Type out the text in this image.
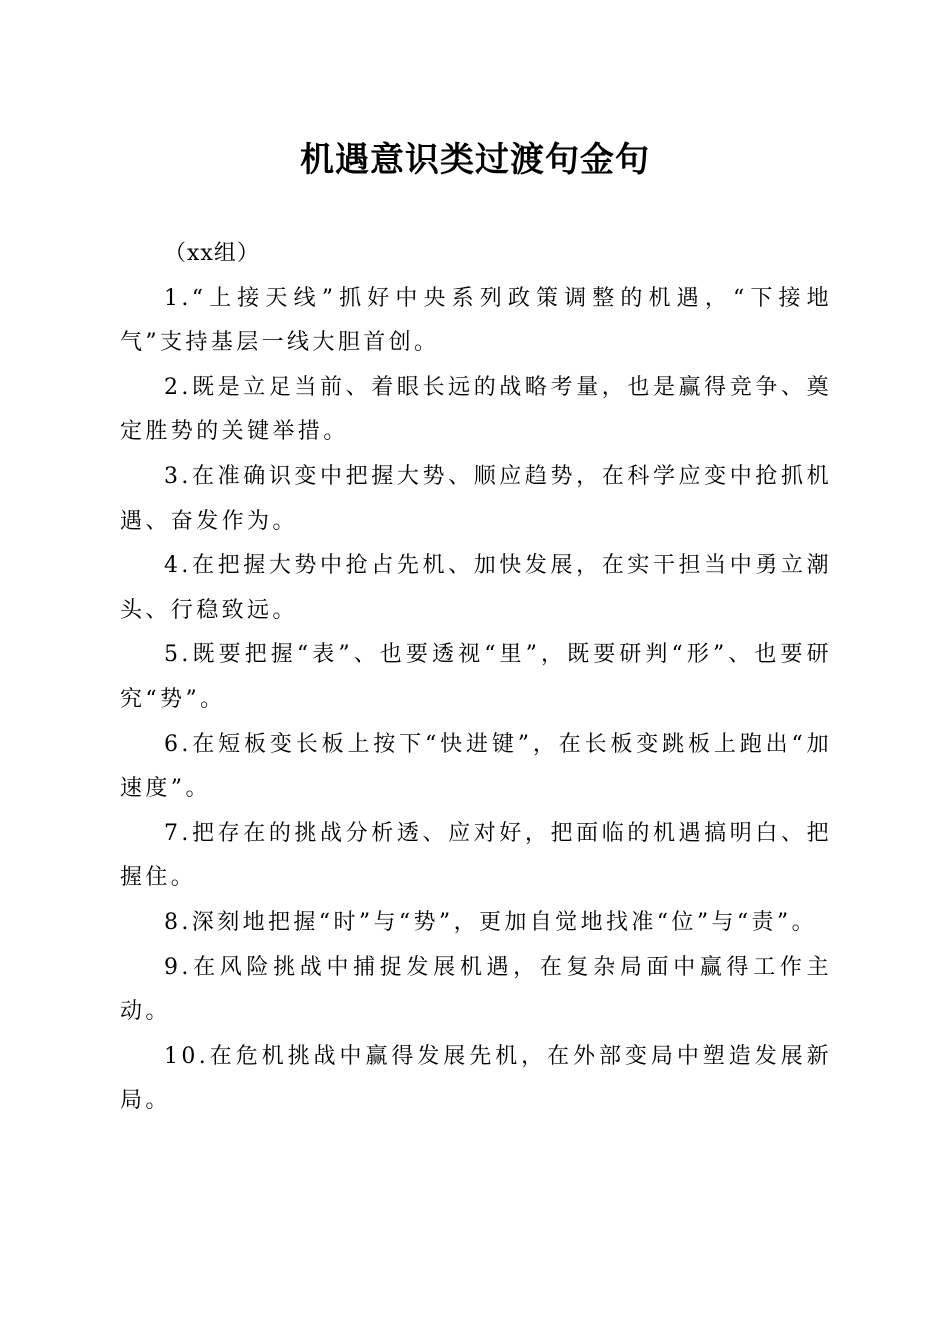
机遇意识类过渡句金句

（xx组）

1.“上接天线”抓好中央系列政策调整的机遇，“下接地气”支持基层一线大胆首创。

2.既是立足当前、着眼长远的战略考量，也是赢得竞争、奠定胜势的关键举措。

3.在准确识变中把握大势、顺应趋势，在科学应变中抢抓机遇、奋发作为。

4.在把握大势中抢占先机、加快发展，在实干担当中勇立潮头、行稳致远。

5.既要把握“表”、也要透视“里”，既要研判“形”、也要研究“势”。

6.在短板变长板上按下“快进键”，在长板变跳板上跑出“加速度”。

7.把存在的挑战分析透、应对好，把面临的机遇搞明白、把握住。

8.深刻地把握“时”与“势”，更加自觉地找准“位”与“责”。

9.在风险挑战中捕捉发展机遇，在复杂局面中赢得工作主动。

10.在危机挑战中赢得发展先机，在外部变局中塑造发展新局。
